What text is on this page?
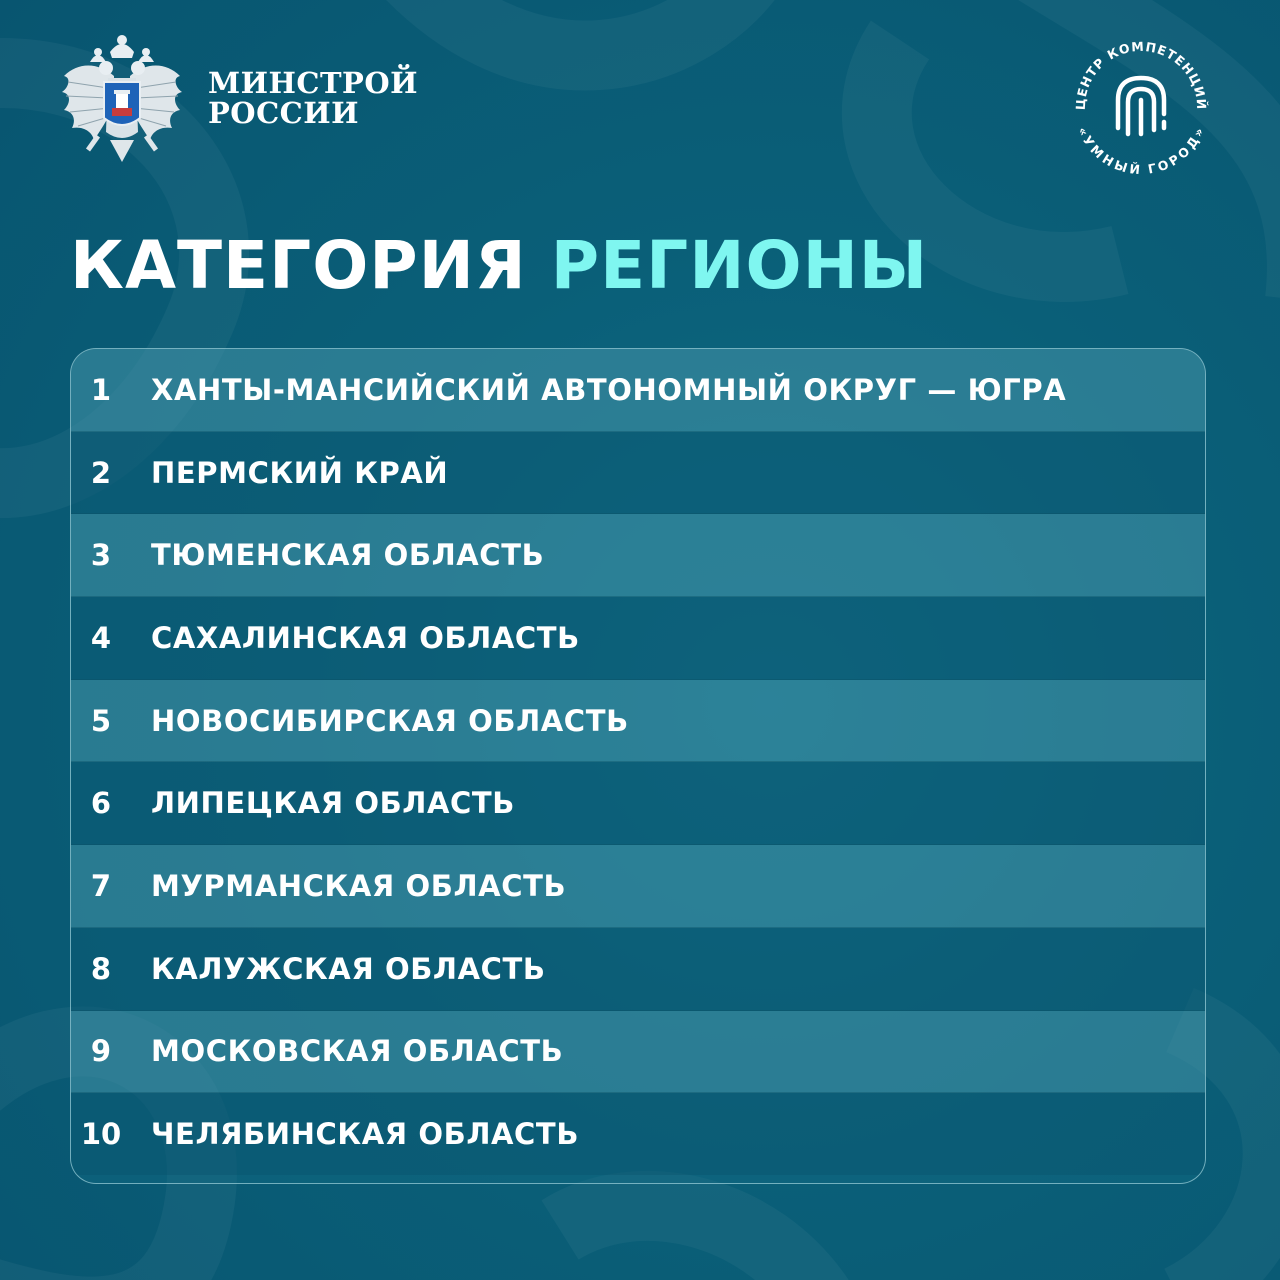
МИНСТРОЙ
РОССИИ	ЦЕНТР КОМПЕТЕНЦИЙ
«УМНЫЙ ГОРОД»
КАТЕГОРИЯ РЕГИОНЫ
1	ХАНТЫ-МАНСИЙСКИЙ АВТОНОМНЫЙ ОКРУГ — ЮГРА
2	ПЕРМСКИЙ КРАЙ
3	ТЮМЕНСКАЯ ОБЛАСТЬ
4	САХАЛИНСКАЯ ОБЛАСТЬ
5	НОВОСИБИРСКАЯ ОБЛАСТЬ
6	ЛИПЕЦКАЯ ОБЛАСТЬ
7	МУРМАНСКАЯ ОБЛАСТЬ
8	КАЛУЖСКАЯ ОБЛАСТЬ
9	МОСКОВСКАЯ ОБЛАСТЬ
10	ЧЕЛЯБИНСКАЯ ОБЛАСТЬ
